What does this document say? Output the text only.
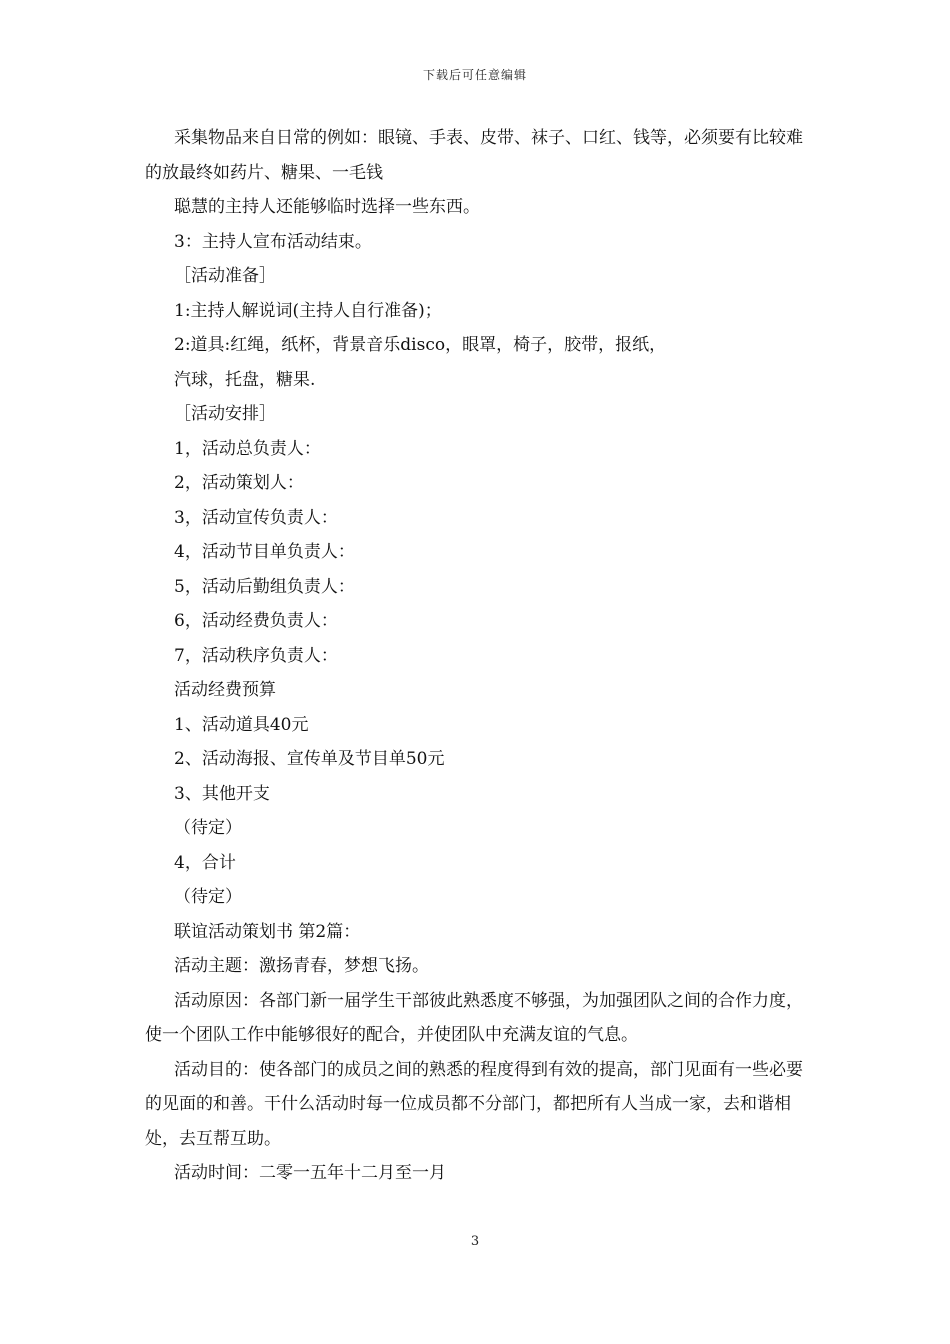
下载后可任意编辑

采集物品来自日常的例如：眼镜、手表、皮带、袜子、口红、钱等，必须要有比较难的放最终如药片、糖果、一毛钱

聪慧的主持人还能够临时选择一些东西。

3：主持人宣布活动结束。

［活动准备］

1:主持人解说词(主持人自行准备)；

2:道具:红绳，纸杯，背景音乐disco，眼罩，椅子，胶带，报纸，

汽球，托盘，糖果.

［活动安排］

1，活动总负责人：

2，活动策划人：

3，活动宣传负责人：

4，活动节目单负责人：

5，活动后勤组负责人：

6，活动经费负责人：

7，活动秩序负责人：

活动经费预算

1、活动道具40元

2、活动海报、宣传单及节目单50元

3、其他开支

（待定）

4，合计

（待定）

联谊活动策划书 第2篇：

活动主题：激扬青春，梦想飞扬。

活动原因：各部门新一届学生干部彼此熟悉度不够强，为加强团队之间的合作力度，使一个团队工作中能够很好的配合，并使团队中充满友谊的气息。

活动目的：使各部门的成员之间的熟悉的程度得到有效的提高，部门见面有一些必要的见面的和善。干什么活动时每一位成员都不分部门，都把所有人当成一家，去和谐相处，去互帮互助。

活动时间：二零一五年十二月至一月

3
